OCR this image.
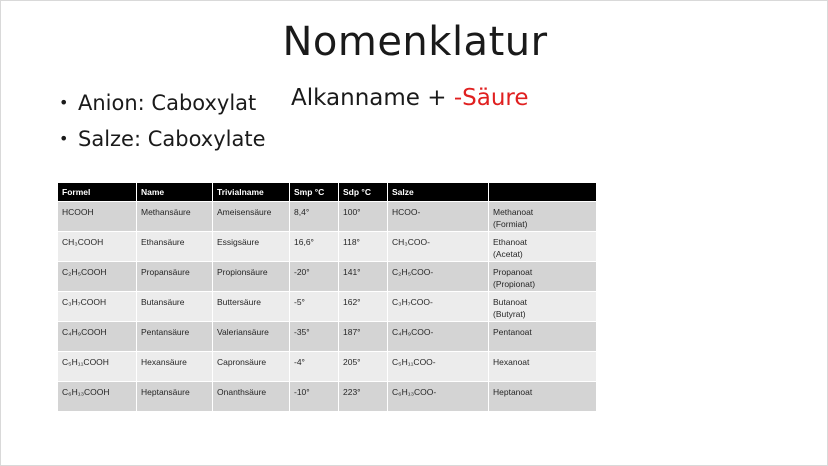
Nomenklatur
• Anion: Caboxylat
• Salze: Caboxylate
Alkanname + -Säure
Formel	Name	Trivialname	Smp °C	Sdp °C	Salze	
HCOOH	Methansäure	Ameisensäure	8,4°	100°	HCOO-	Methanoat
(Formiat)

CH₃COOH	Ethansäure	Essigsäure	16,6°	118°	CH₃COO-	Ethanoat
(Acetat)

C₂H₅COOH	Propansäure	Propionsäure	-20°	141°	C₂H₅COO-	Propanoat
(Propionat)

C₃H₇COOH	Butansäure	Buttersäure	-5°	162°	C₃H₇COO-	Butanoat
(Butyrat)

C₄H₉COOH	Pentansäure	Valeriansäure	-35°	187°	C₄H₉COO-	Pentanoat

C₅H₁₁COOH	Hexansäure	Capronsäure	-4°	205°	C₅H₁₁COO-	Hexanoat

C₆H₁₃COOH	Heptansäure	Onanthsäure	-10°	223°	C₆H₁₃COO-	Heptanoat
